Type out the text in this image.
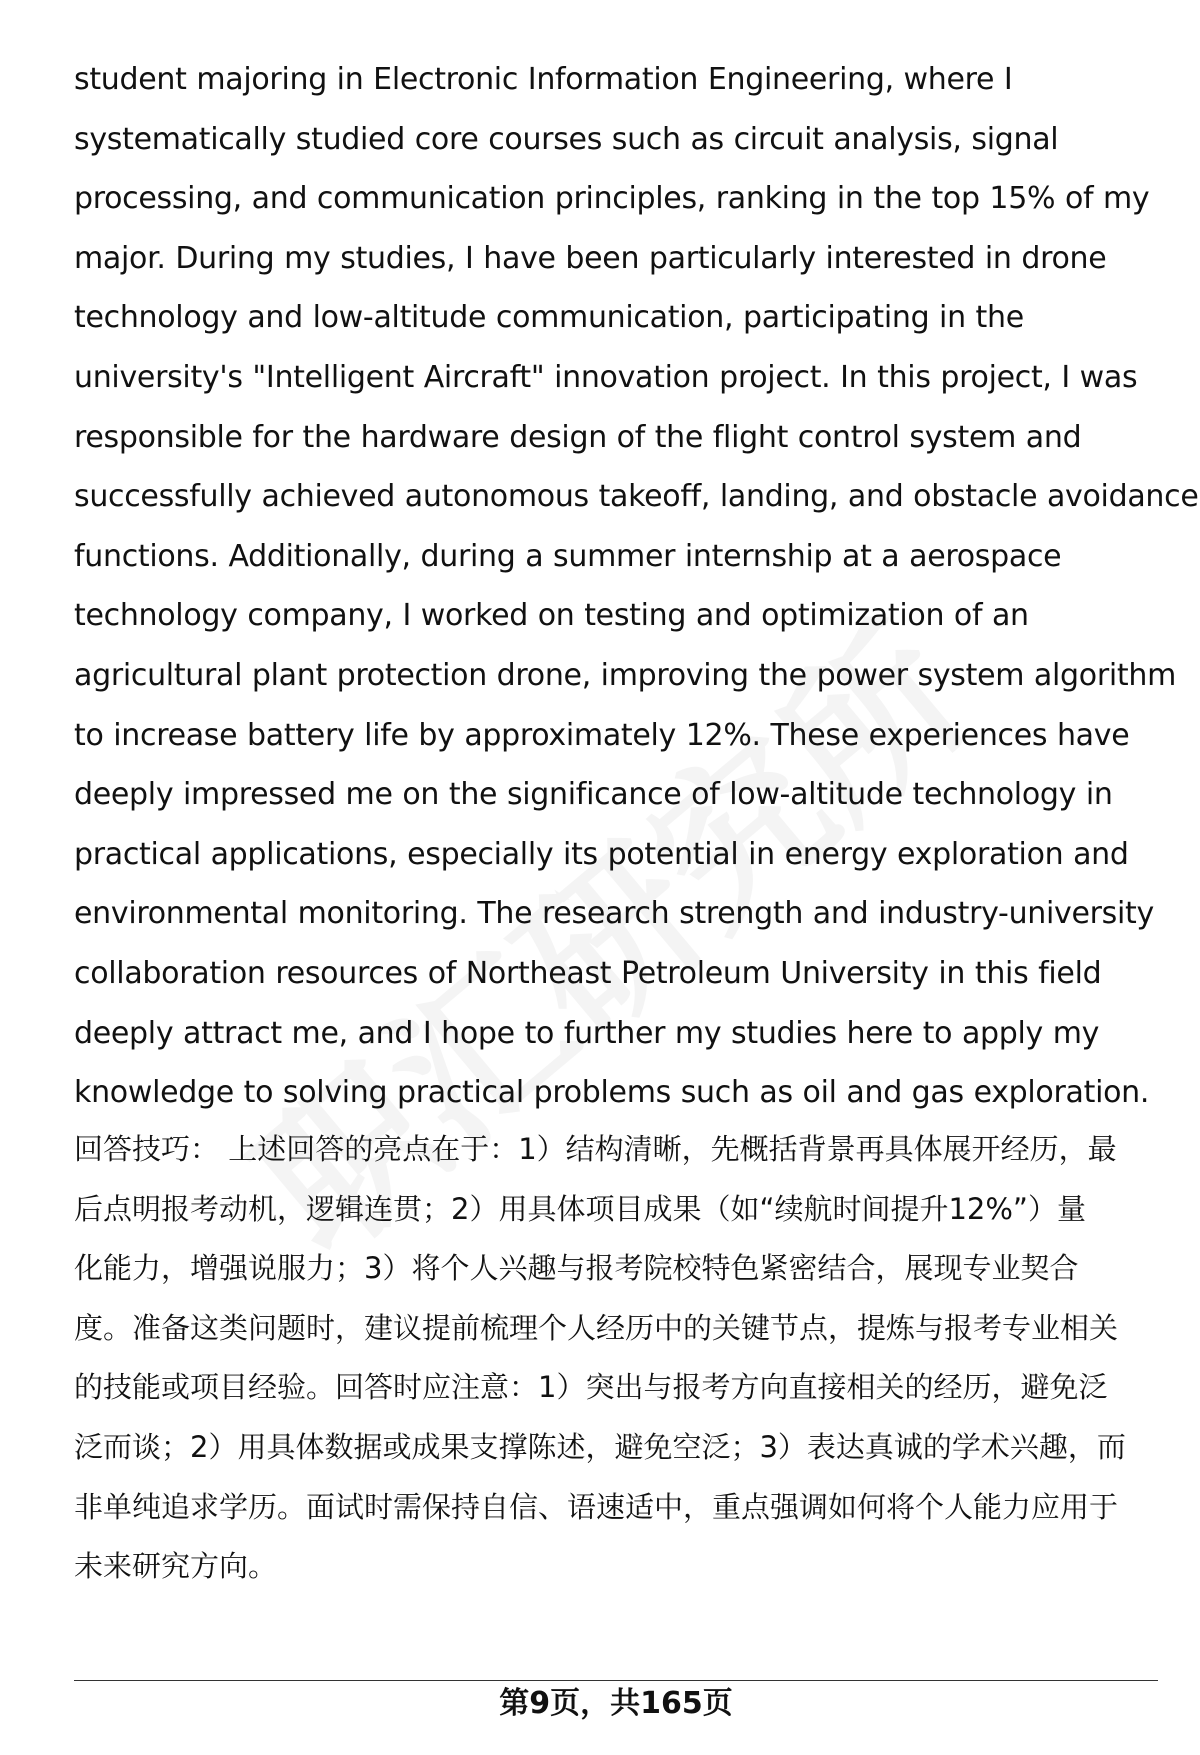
student majoring in Electronic Information Engineering, where I
systematically studied core courses such as circuit analysis, signal
processing, and communication principles, ranking in the top 15% of my
major. During my studies, I have been particularly interested in drone
technology and low-altitude communication, participating in the
university's "Intelligent Aircraft" innovation project. In this project, I was
responsible for the hardware design of the flight control system and
successfully achieved autonomous takeoff, landing, and obstacle avoidance
functions. Additionally, during a summer internship at a aerospace
technology company, I worked on testing and optimization of an
agricultural plant protection drone, improving the power system algorithm
to increase battery life by approximately 12%. These experiences have
deeply impressed me on the significance of low-altitude technology in
practical applications, especially its potential in energy exploration and
environmental monitoring. The research strength and industry-university
collaboration resources of Northeast Petroleum University in this field
deeply attract me, and I hope to further my studies here to apply my
knowledge to solving practical problems such as oil and gas exploration.

回答技巧： 上述回答的亮点在于：1）结构清晰，先概括背景再具体展开经历，最
后点明报考动机，逻辑连贯；2）用具体项目成果（如“续航时间提升12%”）量
化能力，增强说服力；3）将个人兴趣与报考院校特色紧密结合，展现专业契合
度。准备这类问题时，建议提前梳理个人经历中的关键节点，提炼与报考专业相关
的技能或项目经验。回答时应注意：1）突出与报考方向直接相关的经历，避免泛
泛而谈；2）用具体数据或成果支撑陈述，避免空泛；3）表达真诚的学术兴趣，而
非单纯追求学历。面试时需保持自信、语速适中，重点强调如何将个人能力应用于
未来研究方向。

第9页，共165页
